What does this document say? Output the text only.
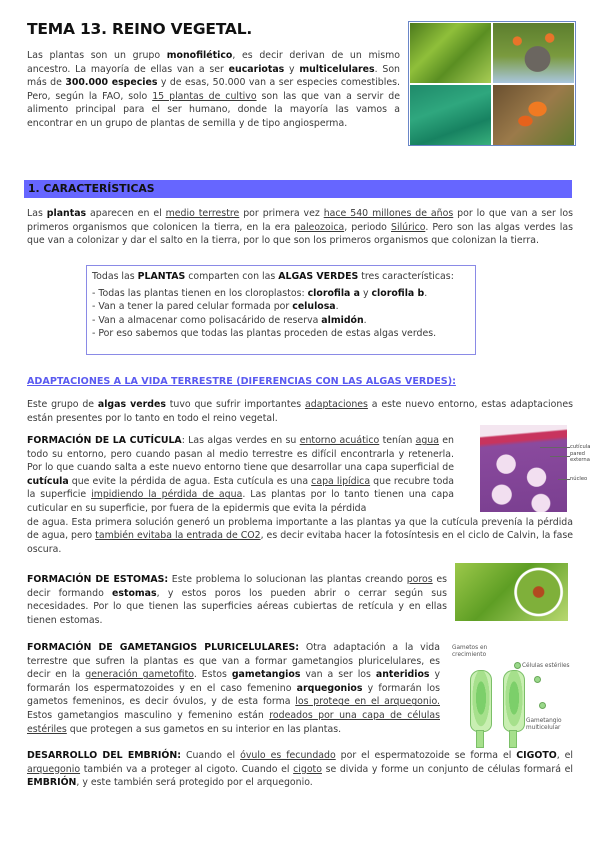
TEMA 13. REINO VEGETAL.

Las plantas son un grupo monofilético, es decir derivan de un mismo ancestro. La mayoría de ellas van a ser eucariotas y multicelulares. Son más de 300.000 especies y de esas, 50.000 van a ser especies comestibles. Pero, según la FAO, solo 15 plantas de cultivo son las que van a servir de alimento principal para el ser humano, donde la mayoría las vamos a encontrar en un grupo de plantas de semilla y de tipo angiosperma.

1. CARACTERÍSTICAS

Las plantas aparecen en el medio terrestre por primera vez hace 540 millones de años por lo que van a ser los primeros organismos que colonicen la tierra, en la era paleozoica, periodo Silúrico. Pero son las algas verdes las que van a colonizar y dar el salto en la tierra, por lo que son los primeros organismos que colonizan la tierra.

Todas las PLANTAS comparten con las ALGAS VERDES tres características:

- Todas las plantas tienen en los cloroplastos: clorofila a y clorofila b.

- Van a tener la pared celular formada por celulosa.

- Van a almacenar como polisacárido de reserva almidón.

- Por eso sabemos que todas las plantas proceden de estas algas verdes.

ADAPTACIONES A LA VIDA TERRESTRE (DIFERENCIAS CON LAS ALGAS VERDES):

Este grupo de algas verdes tuvo que sufrir importantes adaptaciones a este nuevo entorno, estas adaptaciones están presentes por lo tanto en todo el reino vegetal.

FORMACIÓN DE LA CUTÍCULA: Las algas verdes en su entorno acuático tenían agua en todo su entorno, pero cuando pasan al medio terrestre es difícil encontrarla y retenerla. Por lo que cuando salta a este nuevo entorno tiene que desarrollar una capa superficial de cutícula que evite la pérdida de agua. Esta cutícula es una capa lipídica que recubre toda la superficie impidiendo la pérdida de agua. Las plantas por lo tanto tienen una capa cuticular en su superficie, por fuera de la epidermis que evita la pérdida

de agua. Esta primera solución generó un problema importante a las plantas ya que la cutícula prevenía la pérdida de agua, pero también evitaba la entrada de CO2, es decir evitaba hacer la fotosíntesis en el ciclo de Calvin, la fase oscura.

cutícula
pared externa
núcleo

FORMACIÓN DE ESTOMAS: Este problema lo solucionan las plantas creando poros es decir formando estomas, y estos poros los pueden abrir o cerrar según sus necesidades. Por lo que tienen las superficies aéreas cubiertas de retícula y en ellas tienen estomas.

FORMACIÓN DE GAMETANGIOS PLURICELULARES: Otra adaptación a la vida terrestre que sufren la plantas es que van a formar gametangios pluricelulares, es decir en la generación gametofito. Estos gametangios van a ser los anteridios y formarán los espermatozoides y en el caso femenino arquegonios y formarán los gametos femeninos, es decir óvulos, y de esta forma los protege en el arquegonio. Estos gametangios masculino y femenino están rodeados por una capa de células estériles que protegen a sus gametos en su interior en las plantas.

Gametos en crecimiento
Células estériles
Gametangio multicelular

DESARROLLO DEL EMBRIÓN: Cuando el óvulo es fecundado por el espermatozoide se forma el CIGOTO, el arquegonio también va a proteger al cigoto. Cuando el cigoto se divida y forme un conjunto de células formará el EMBRIÓN, y este también será protegido por el arquegonio.
